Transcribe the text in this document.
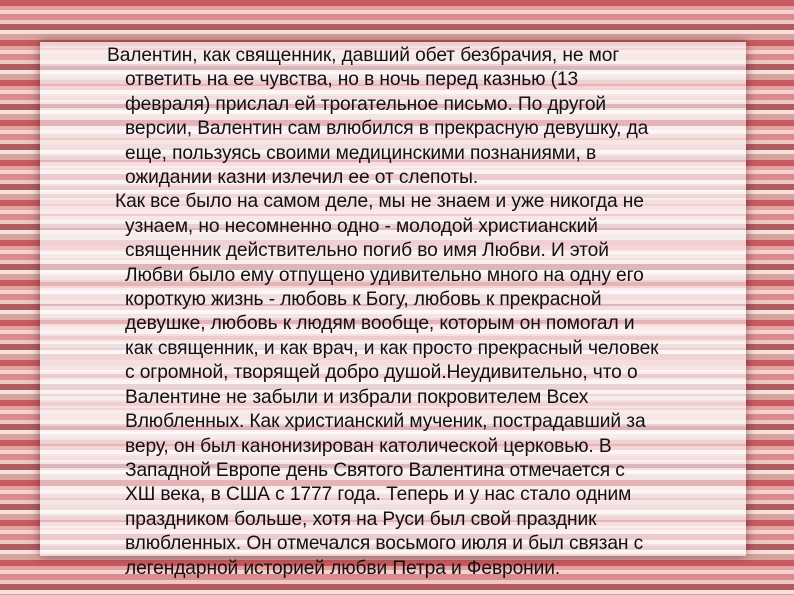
Валентин, как священник, давший обет безбрачия, не мог
ответить на ее чувства, но в ночь перед казнью (13
февраля) прислал ей трогательное письмо. По другой
версии, Валентин сам влюбился в прекрасную девушку, да
еще, пользуясь своими медицинскими познаниями, в
ожидании казни излечил ее от слепоты.
Как все было на самом деле, мы не знаем и уже никогда не
узнаем, но несомненно одно - молодой христианский
священник действительно погиб во имя Любви. И этой
Любви было ему отпущено удивительно много на одну его
короткую жизнь - любовь к Богу, любовь к прекрасной
девушке, любовь к людям вообще, которым он помогал и
как священник, и как врач, и как просто прекрасный человек
с огромной, творящей добро душой.Неудивительно, что о
Валентине не забыли и избрали покровителем Всех
Влюбленных. Как христианский мученик, пострадавший за
веру, он был канонизирован католической церковью. В
Западной Европе день Святого Валентина отмечается с
XШ века, в США с 1777 года. Теперь и у нас стало одним
праздником больше, хотя на Руси был свой праздник
влюбленных. Он отмечался восьмого июля и был связан с
легендарной историей любви Петра и Февронии.
